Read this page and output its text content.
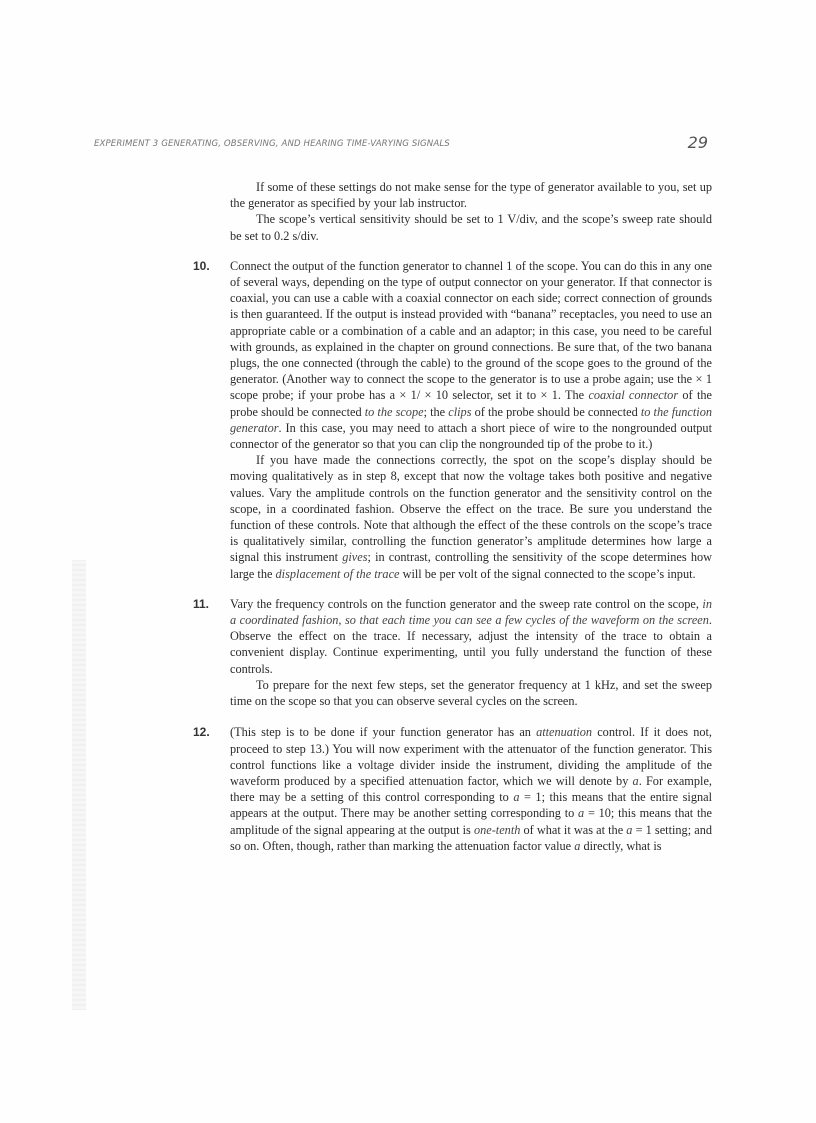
EXPERIMENT 3 GENERATING, OBSERVING, AND HEARING TIME-VARYING SIGNALS	29

If some of these settings do not make sense for the type of generator available to you, set up the generator as specified by your lab instructor.

The scope’s vertical sensitivity should be set to 1 V/div, and the scope’s sweep rate should be set to 0.2 s/div.

10. Connect the output of the function generator to channel 1 of the scope. You can do this in any one of several ways, depending on the type of output connector on your generator. If that connector is coaxial, you can use a cable with a coaxial connector on each side; correct connection of grounds is then guaranteed. If the output is instead provided with “banana” receptacles, you need to use an appropriate cable or a combination of a cable and an adaptor; in this case, you need to be careful with grounds, as explained in the chapter on ground connections. Be sure that, of the two banana plugs, the one connected (through the cable) to the ground of the scope goes to the ground of the generator. (Another way to connect the scope to the generator is to use a probe again; use the × 1 scope probe; if your probe has a × 1/ × 10 selector, set it to × 1. The coaxial connector of the probe should be connected to the scope; the clips of the probe should be connected to the function generator. In this case, you may need to attach a short piece of wire to the nongrounded output connector of the generator so that you can clip the nongrounded tip of the probe to it.)

If you have made the connections correctly, the spot on the scope’s display should be moving qualitatively as in step 8, except that now the voltage takes both positive and negative values. Vary the amplitude controls on the function generator and the sensitivity control on the scope, in a coordinated fashion. Observe the effect on the trace. Be sure you understand the function of these controls. Note that although the effect of the these controls on the scope’s trace is qualitatively similar, controlling the function generator’s amplitude determines how large a signal this instrument gives; in contrast, controlling the sensitivity of the scope determines how large the displacement of the trace will be per volt of the signal connected to the scope’s input.

11. Vary the frequency controls on the function generator and the sweep rate control on the scope, in a coordinated fashion, so that each time you can see a few cycles of the waveform on the screen. Observe the effect on the trace. If necessary, adjust the intensity of the trace to obtain a convenient display. Continue experimenting, until you fully understand the function of these controls.

To prepare for the next few steps, set the generator frequency at 1 kHz, and set the sweep time on the scope so that you can observe several cycles on the screen.

12. (This step is to be done if your function generator has an attenuation control. If it does not, proceed to step 13.) You will now experiment with the attenuator of the function generator. This control functions like a voltage divider inside the instrument, dividing the amplitude of the waveform produced by a specified attenuation factor, which we will denote by a. For example, there may be a setting of this control corresponding to a = 1; this means that the entire signal appears at the output. There may be another setting corresponding to a = 10; this means that the amplitude of the signal appearing at the output is one-tenth of what it was at the a = 1 setting; and so on. Often, though, rather than marking the attenuation factor value a directly, what is
